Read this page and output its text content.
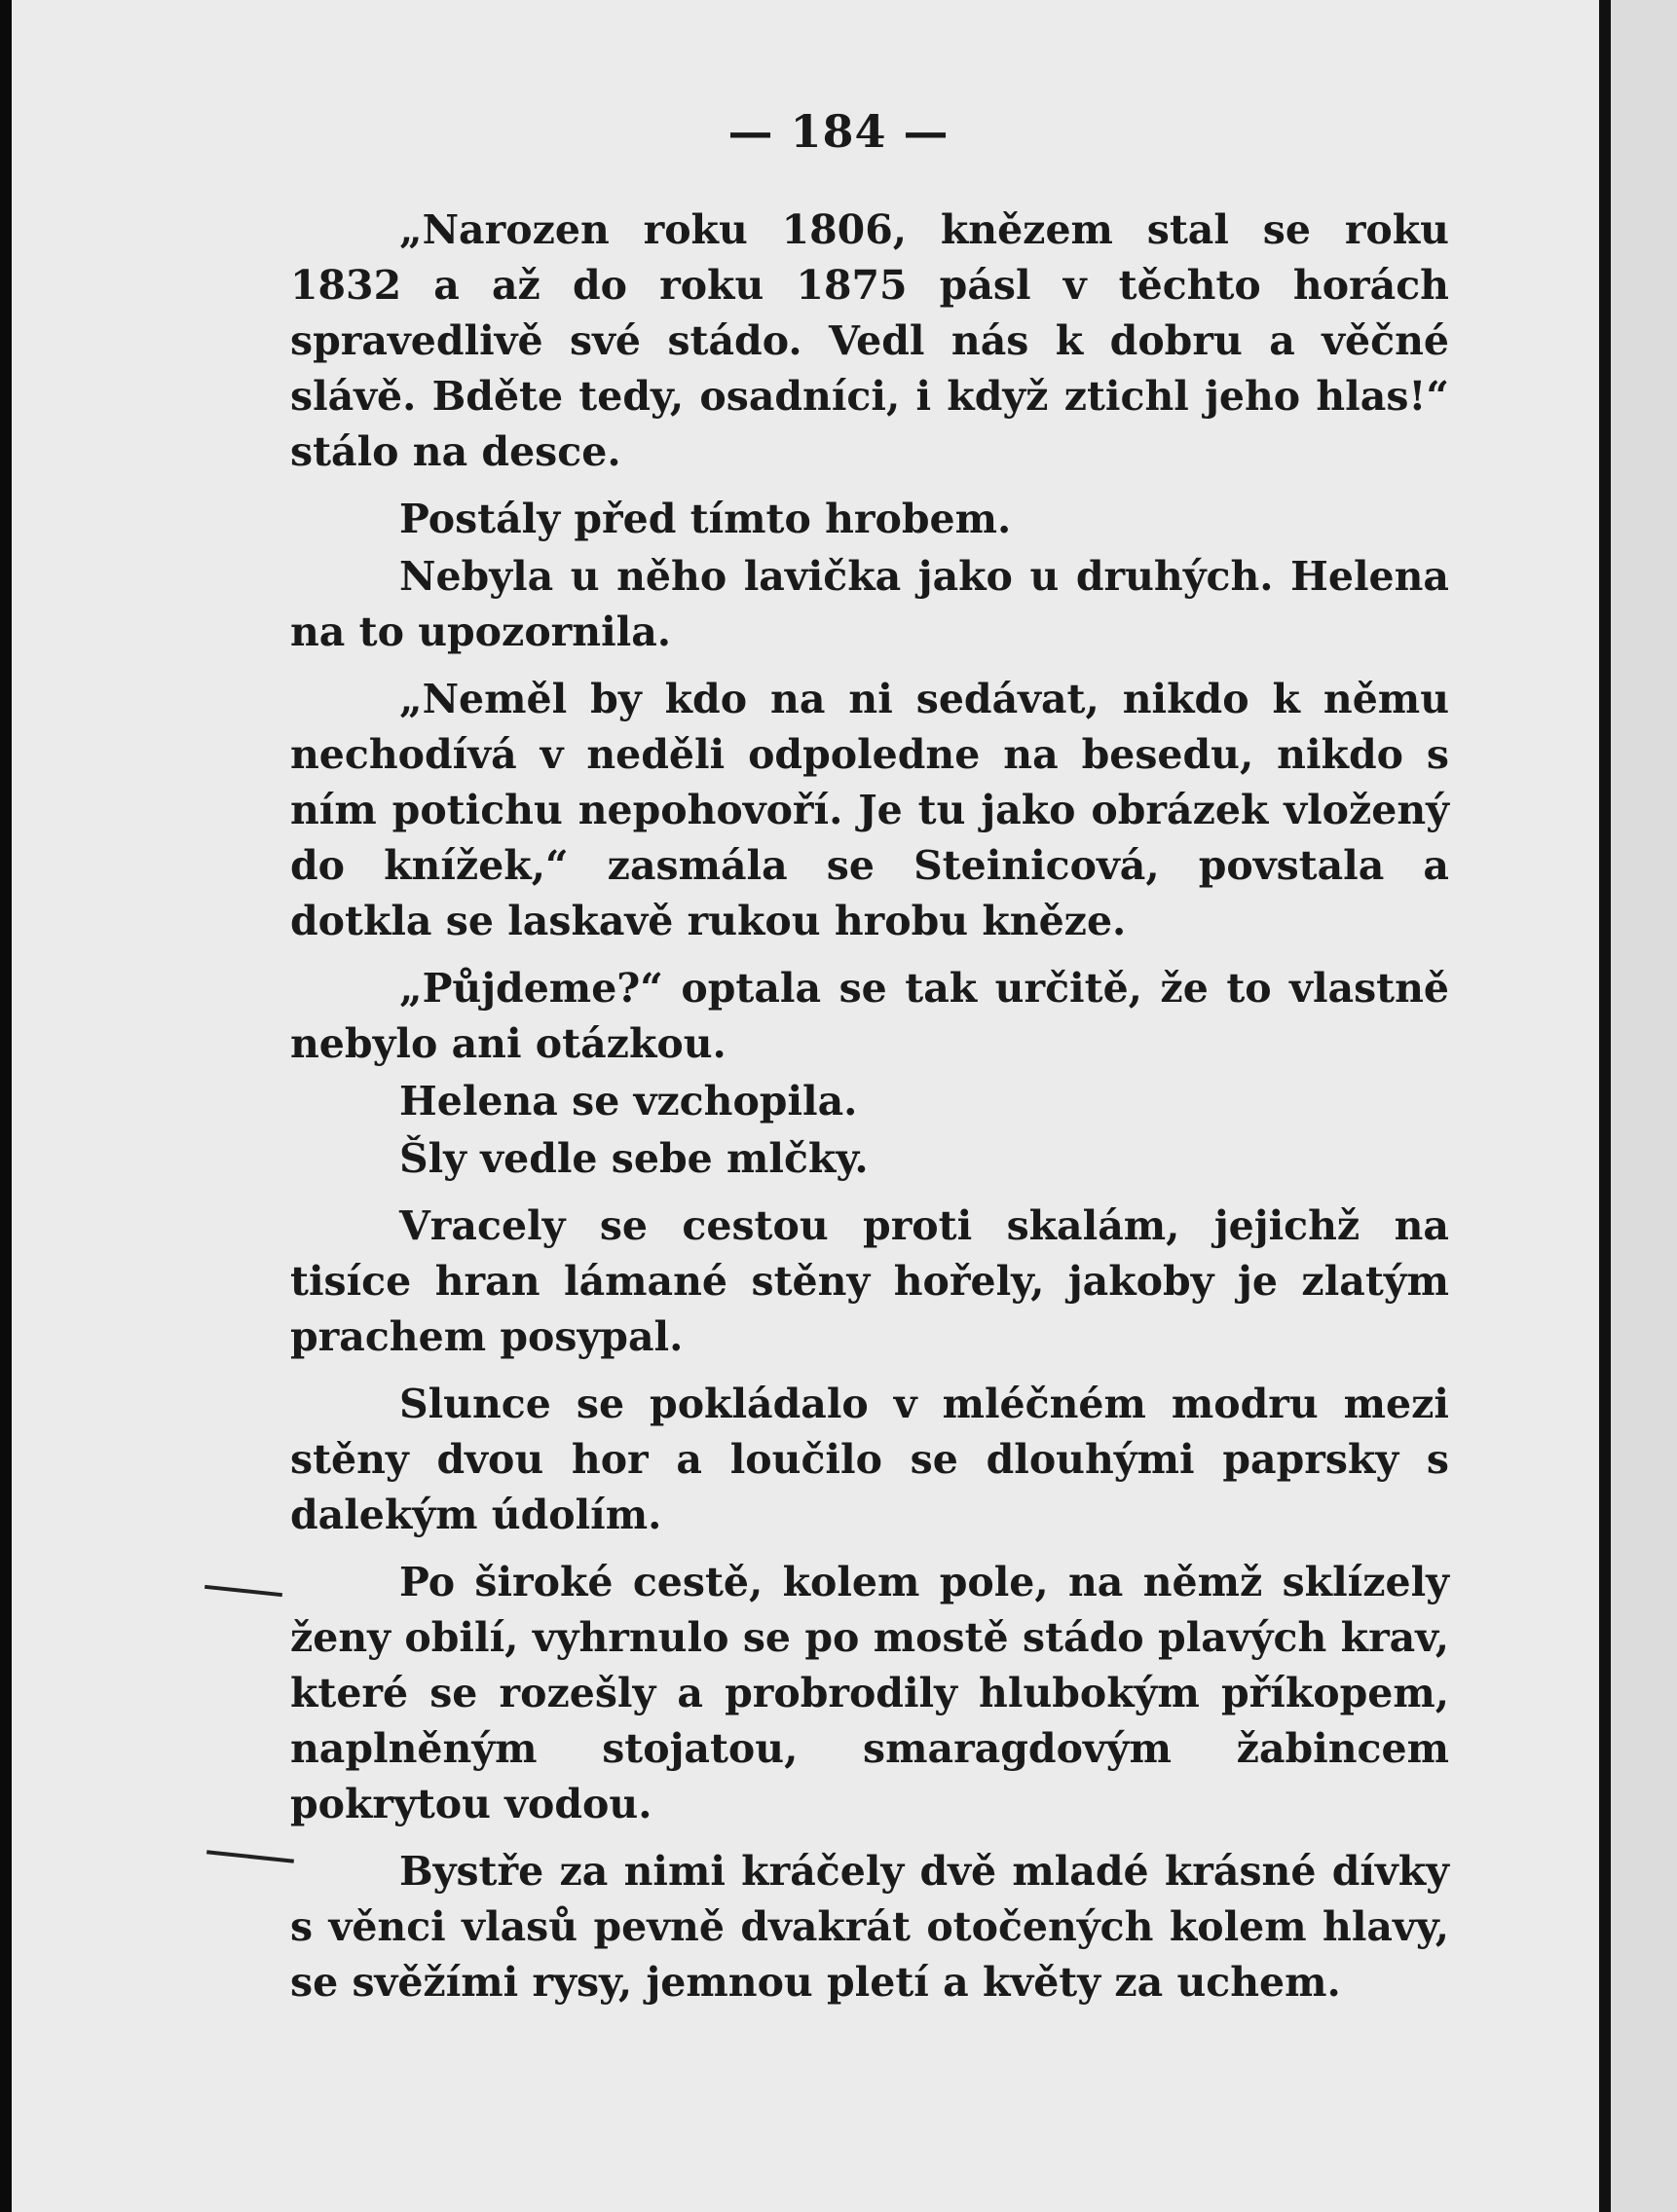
— 184 —

„Narozen roku 1806, knězem stal se roku 1832 a až do roku 1875 pásl v těchto horách spravedlivě své stádo. Vedl nás k dobru a věčné slávě. Bděte tedy, osadníci, i když ztichl jeho hlas!“ stálo na desce.

Postály před tímto hrobem.

Nebyla u něho lavička jako u druhých. Helena na to upozornila.

„Neměl by kdo na ni sedávat, nikdo k němu nechodívá v neděli odpoledne na besedu, nikdo s ním potichu nepohovoří. Je tu jako obrázek vložený do knížek,“ zasmála se Steinicová, povstala a dotkla se laskavě rukou hrobu kněze.

„Půjdeme?“ optala se tak určitě, že to vlastně nebylo ani otázkou.

Helena se vzchopila.

Šly vedle sebe mlčky.

Vracely se cestou proti skalám, jejichž na tisíce hran lámané stěny hořely, jakoby je zlatým prachem posypal.

Slunce se pokládalo v mléčném modru mezi stěny dvou hor a loučilo se dlouhými paprsky s dalekým údolím.

Po široké cestě, kolem pole, na němž sklízely ženy obilí, vyhrnulo se po mostě stádo plavých krav, které se rozešly a probrodily hlubokým příkopem, naplněným stojatou, smaragdovým žabincem pokrytou vodou.

Bystře za nimi kráčely dvě mladé krásné dívky s věnci vlasů pevně dvakrát otočených kolem hlavy, se svěžími rysy, jemnou pletí a květy za uchem.
